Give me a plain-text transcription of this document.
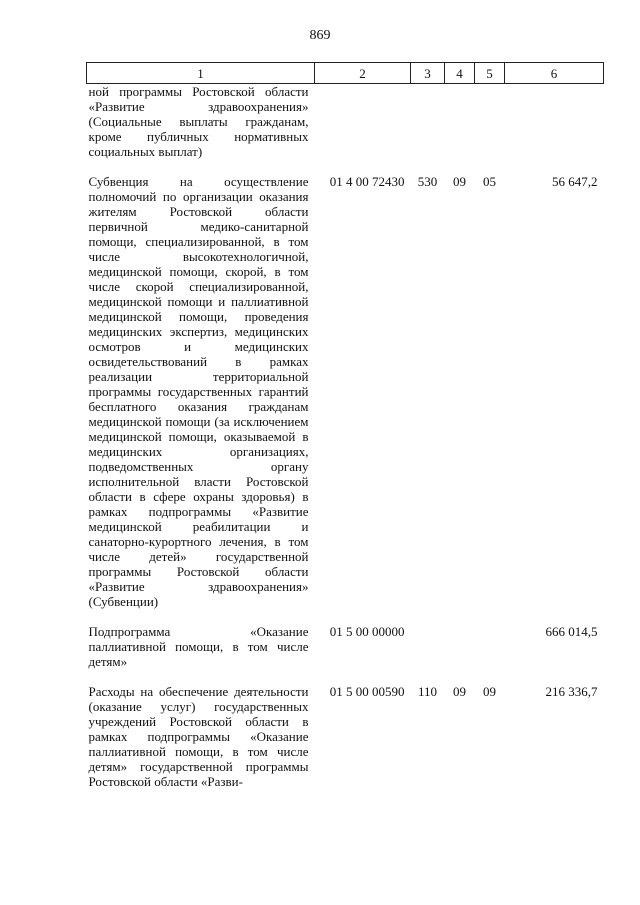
869
1	2	3	4	5	6
ной программы Ростовской области «Развитие здравоохранения» (Социальные выплаты гражданам, кроме публичных нормативных социальных выплат)					
Субвенция на осуществление полномочий по организации оказания жителям Ростовской области первичной медико-санитарной помощи, специализированной, в том числе высокотехнологичной, медицинской помощи, скорой, в том числе скорой специализированной, медицинской помощи и паллиативной медицинской помощи, проведения медицинских экспертиз, медицинских осмотров и медицинских освидетельствований в рамках реализации территориальной программы государственных гарантий бесплатного оказания гражданам медицинской помощи (за исключением медицинской помощи, оказываемой в медицинских организациях, подведомственных органу исполнительной власти Ростовской области в сфере охраны здоровья) в рамках подпрограммы «Развитие медицинской реабилитации и санаторно-курортного лечения, в том числе детей» государственной программы Ростовской области «Развитие здравоохранения» (Субвенции)	01 4 00 72430	530	09	05	56 647,2
Подпрограмма «Оказание паллиативной помощи, в том числе детям»	01 5 00 00000				666 014,5
Расходы на обеспечение деятельности (оказание услуг) государственных учреждений Ростовской области в рамках подпрограммы «Оказание паллиативной помощи, в том числе детям» государственной программы Ростовской области «Разви-	01 5 00 00590	110	09	09	216 336,7
